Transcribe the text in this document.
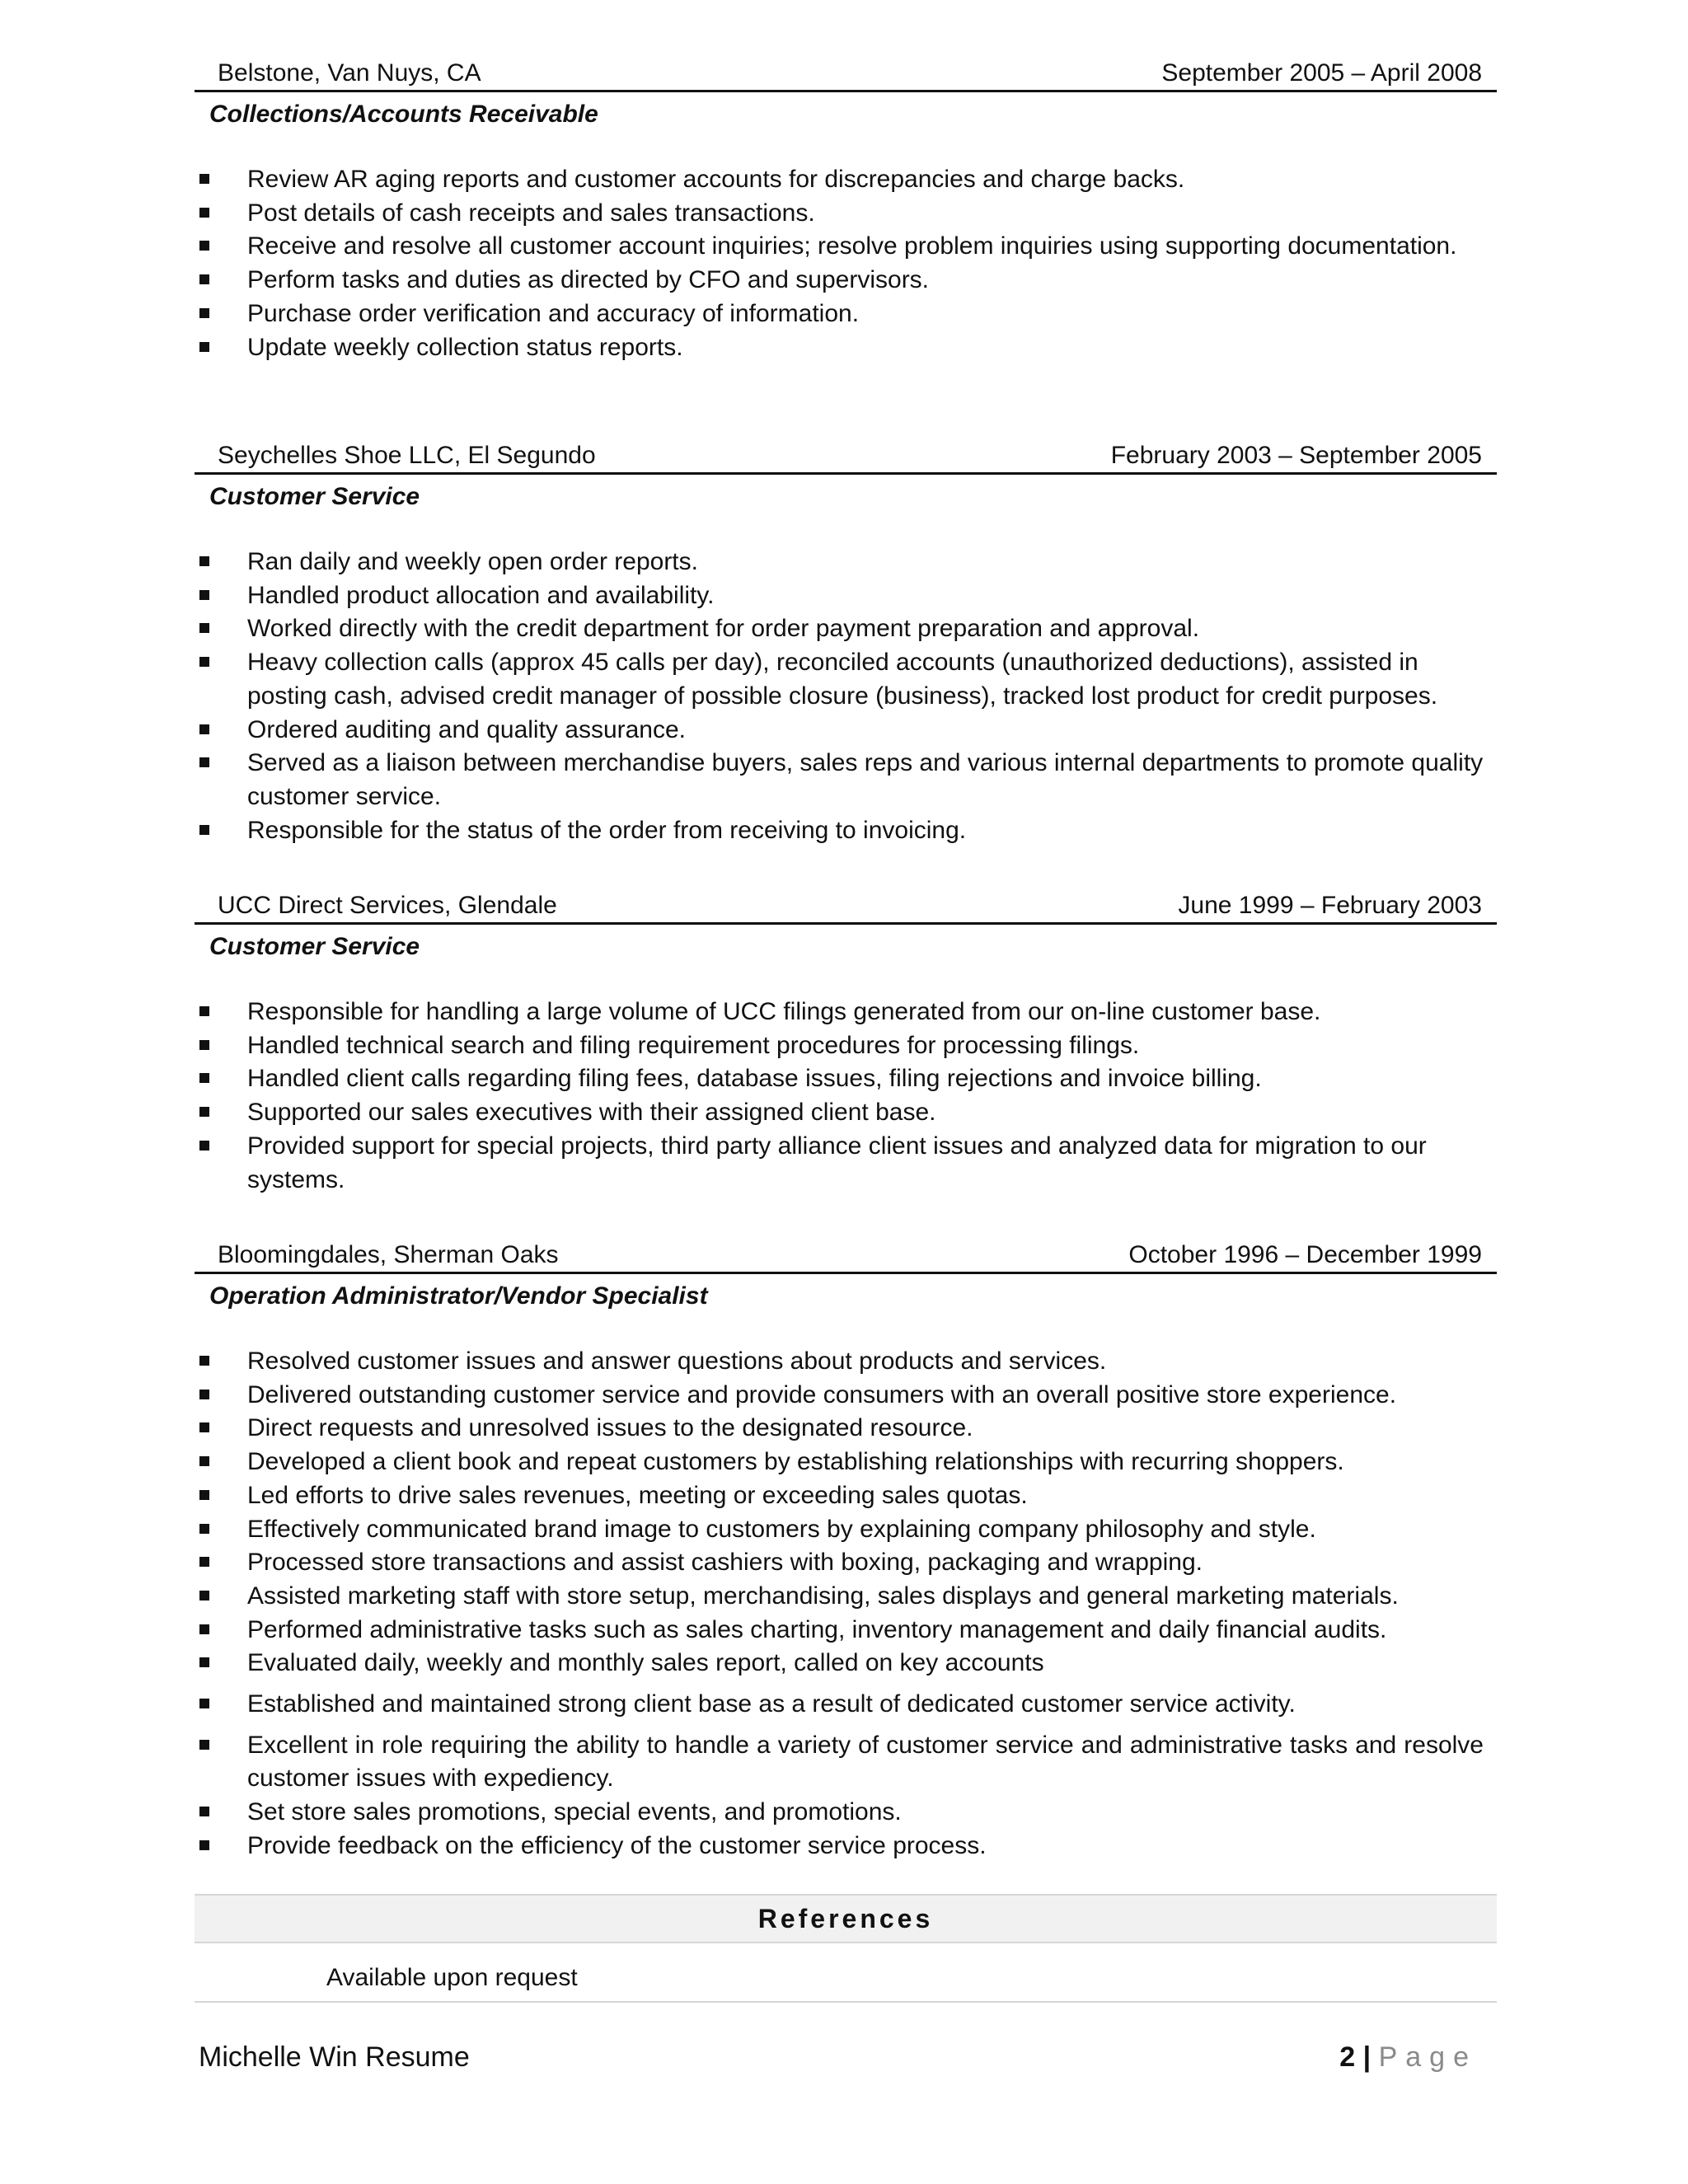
Belstone, Van Nuys, CA	September 2005 – April 2008
Collections/Accounts Receivable
Review AR aging reports and customer accounts for discrepancies and charge backs.
Post details of cash receipts and sales transactions.
Receive and resolve all customer account inquiries; resolve problem inquiries using supporting documentation.
Perform tasks and duties as directed by CFO and supervisors.
Purchase order verification and accuracy of information.
Update weekly collection status reports.
Seychelles Shoe LLC, El Segundo	February 2003 – September 2005
Customer Service
Ran daily and weekly open order reports.
Handled product allocation and availability.
Worked directly with the credit department for order payment preparation and approval.
Heavy collection calls (approx 45 calls per day), reconciled accounts (unauthorized deductions), assisted in posting cash, advised credit manager of possible closure (business), tracked lost product for credit purposes.
Ordered auditing and quality assurance.
Served as a liaison between merchandise buyers, sales reps and various internal departments to promote quality customer service.
Responsible for the status of the order from receiving to invoicing.
UCC Direct Services, Glendale	June 1999 – February 2003
Customer Service
Responsible for handling a large volume of UCC filings generated from our on-line customer base.
Handled technical search and filing requirement procedures for processing filings.
Handled client calls regarding filing fees, database issues, filing rejections and invoice billing.
Supported our sales executives with their assigned client base.
Provided support for special projects, third party alliance client issues and analyzed data for migration to our systems.
Bloomingdales, Sherman Oaks	October 1996 – December 1999
Operation Administrator/Vendor Specialist
Resolved customer issues and answer questions about products and services.
Delivered outstanding customer service and provide consumers with an overall positive store experience.
Direct requests and unresolved issues to the designated resource.
Developed a client book and repeat customers by establishing relationships with recurring shoppers.
Led efforts to drive sales revenues, meeting or exceeding sales quotas.
Effectively communicated brand image to customers by explaining company philosophy and style.
Processed store transactions and assist cashiers with boxing, packaging and wrapping.
Assisted marketing staff with store setup, merchandising, sales displays and general marketing materials.
Performed administrative tasks such as sales charting, inventory management and daily financial audits.
Evaluated daily, weekly and monthly sales report, called on key accounts
Established and maintained strong client base as a result of dedicated customer service activity.
Excellent in role requiring the ability to handle a variety of customer service and administrative tasks and resolve customer issues with expediency.
Set store sales promotions, special events, and promotions.
Provide feedback on the efficiency of the customer service process.
References
Available upon request
Michelle Win Resume	2 | Page
